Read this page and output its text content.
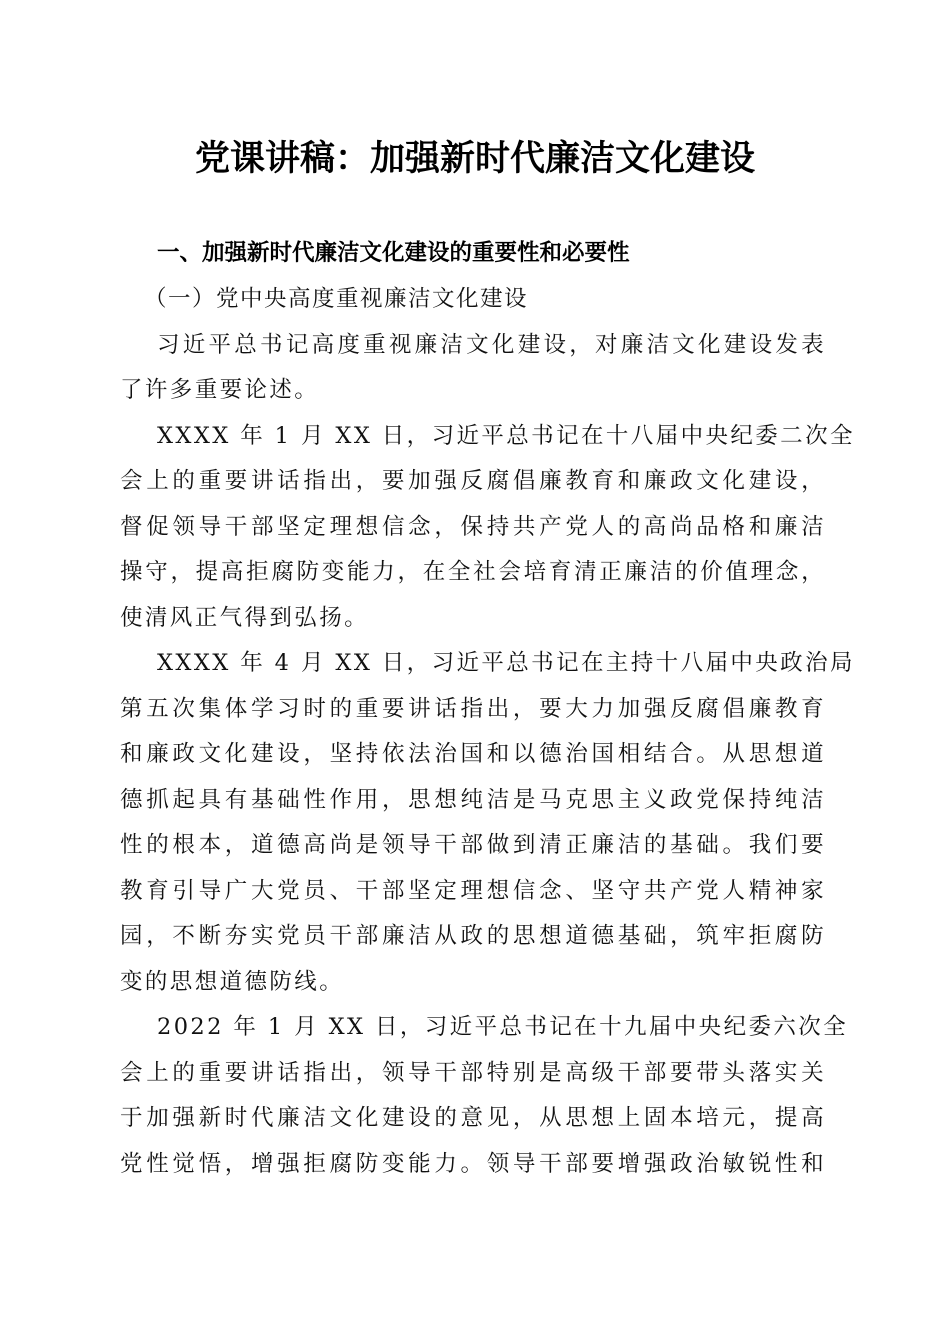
党课讲稿：加强新时代廉洁文化建设
一、加强新时代廉洁文化建设的重要性和必要性
（一）党中央高度重视廉洁文化建设
习近平总书记高度重视廉洁文化建设，对廉洁文化建设发表
了许多重要论述。
XXXX 年 1 月 XX 日，习近平总书记在十八届中央纪委二次全
会上的重要讲话指出，要加强反腐倡廉教育和廉政文化建设，
督促领导干部坚定理想信念，保持共产党人的高尚品格和廉洁
操守，提高拒腐防变能力，在全社会培育清正廉洁的价值理念，
使清风正气得到弘扬。
XXXX 年 4 月 XX 日，习近平总书记在主持十八届中央政治局
第五次集体学习时的重要讲话指出，要大力加强反腐倡廉教育
和廉政文化建设，坚持依法治国和以德治国相结合。从思想道
德抓起具有基础性作用，思想纯洁是马克思主义政党保持纯洁
性的根本，道德高尚是领导干部做到清正廉洁的基础。我们要
教育引导广大党员、干部坚定理想信念、坚守共产党人精神家
园，不断夯实党员干部廉洁从政的思想道德基础，筑牢拒腐防
变的思想道德防线。
2022 年 1 月 XX 日，习近平总书记在十九届中央纪委六次全
会上的重要讲话指出，领导干部特别是高级干部要带头落实关
于加强新时代廉洁文化建设的意见，从思想上固本培元，提高
党性觉悟，增强拒腐防变能力。领导干部要增强政治敏锐性和
